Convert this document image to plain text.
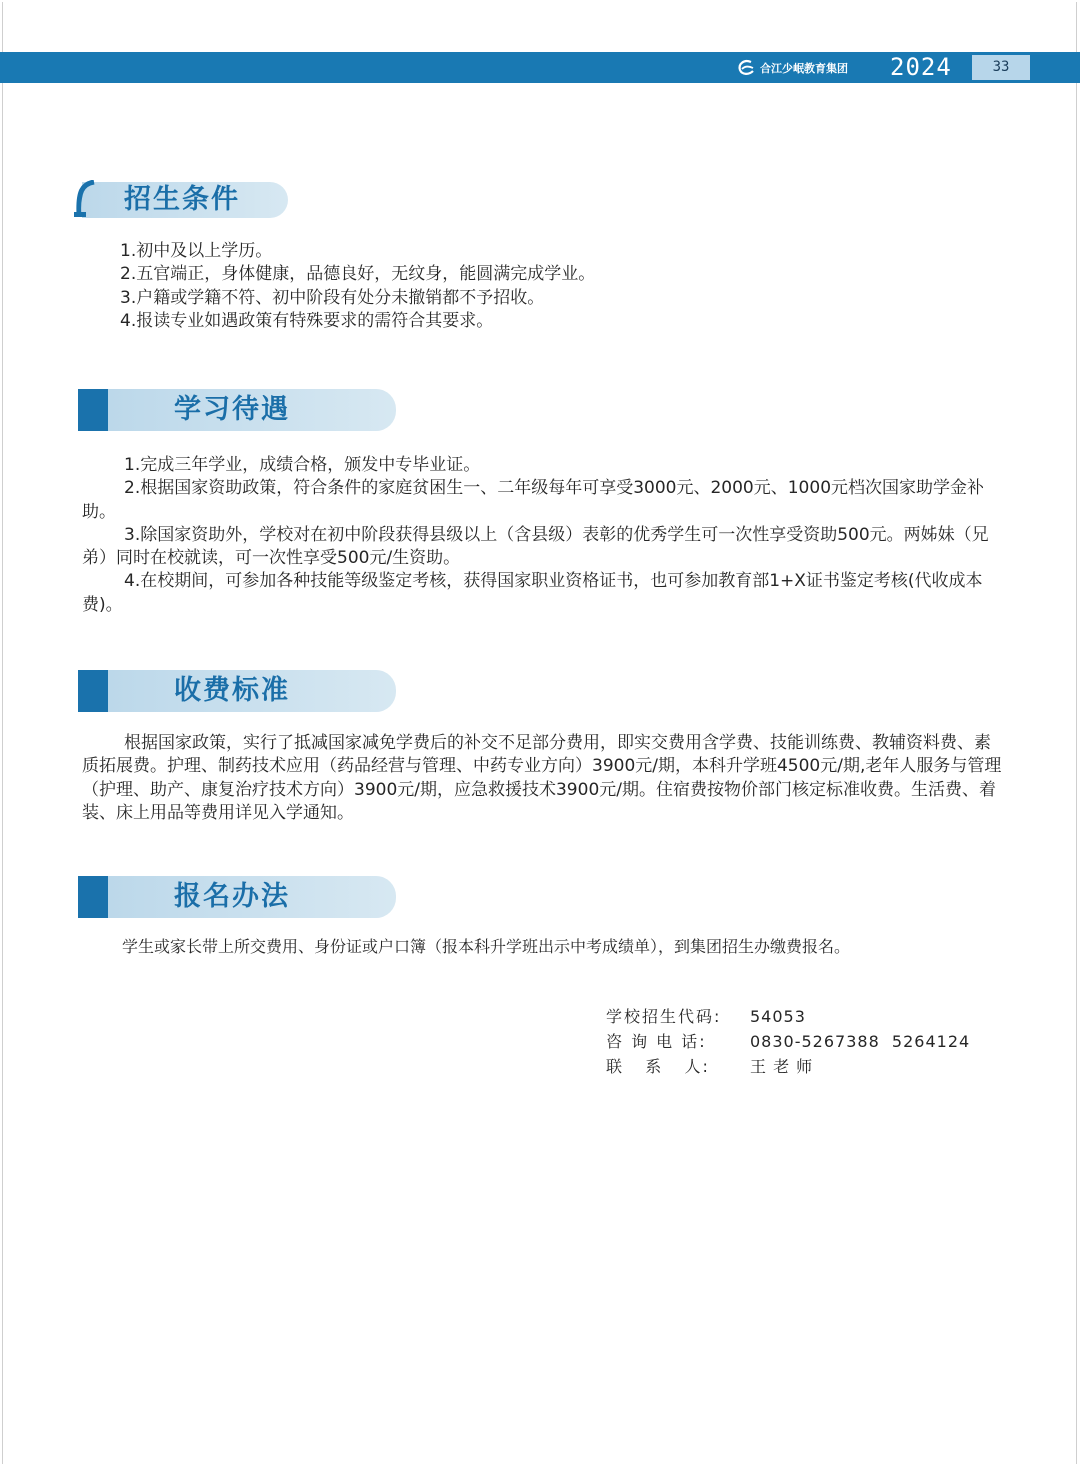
合江少岷教育集团 2024	33
招生条件

1.初中及以上学历。

2.五官端正，身体健康，品德良好，无纹身，能圆满完成学业。

3.户籍或学籍不符、初中阶段有处分未撤销都不予招收。

4.报读专业如遇政策有特殊要求的需符合其要求。

学习待遇

1.完成三年学业，成绩合格，颁发中专毕业证。

2.根据国家资助政策，符合条件的家庭贫困生一、二年级每年可享受3000元、2000元、1000元档次国家助学金补助。

3.除国家资助外，学校对在初中阶段获得县级以上（含县级）表彰的优秀学生可一次性享受资助500元。两姊妹（兄弟）同时在校就读，可一次性享受500元/生资助。

4.在校期间，可参加各种技能等级鉴定考核，获得国家职业资格证书，也可参加教育部1+X证书鉴定考核(代收成本费)。

收费标准

根据国家政策，实行了抵减国家减免学费后的补交不足部分费用，即实交费用含学费、技能训练费、教辅资料费、素质拓展费。护理、制药技术应用（药品经营与管理、中药专业方向）3900元/期，本科升学班4500元/期,老年人服务与管理（护理、助产、康复治疗技术方向）3900元/期，应急救援技术3900元/期。住宿费按物价部门核定标准收费。生活费、着装、床上用品等费用详见入学通知。

报名办法

学生或家长带上所交费用、身份证或户口簿（报本科升学班出示中考成绩单），到集团招生办缴费报名。

学校招生代码:	54053
咨 询 电 话:	0830-5267388  5264124
联   系   人:	王 老 师
